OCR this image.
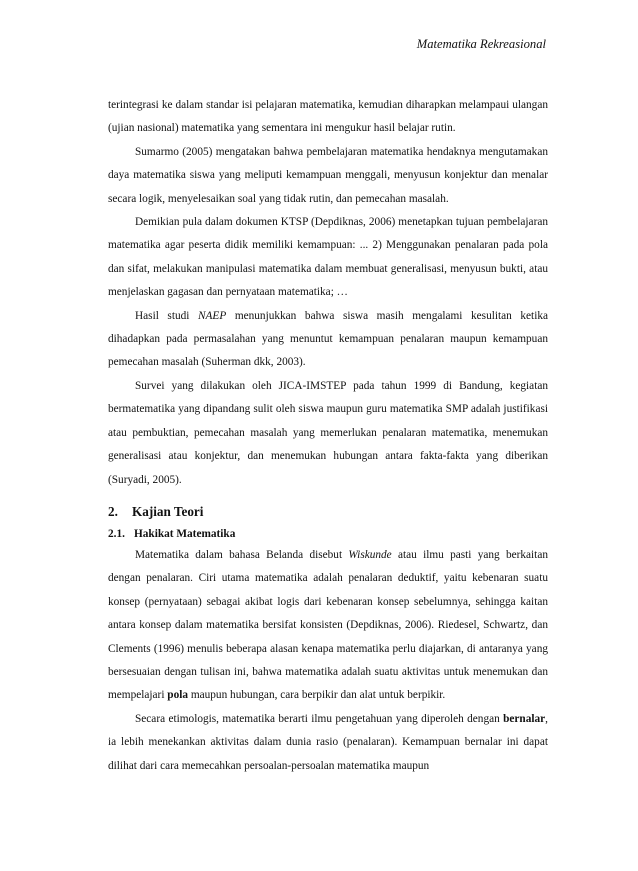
Matematika Rekreasional

terintegrasi ke dalam standar isi pelajaran matematika, kemudian diharapkan melampaui ulangan (ujian nasional) matematika yang sementara ini mengukur hasil belajar rutin.

Sumarmo (2005) mengatakan bahwa pembelajaran matematika hendaknya mengutamakan daya matematika siswa yang meliputi kemampuan menggali, menyusun konjektur dan menalar secara logik, menyelesaikan soal yang tidak rutin, dan pemecahan masalah.

Demikian pula dalam dokumen KTSP (Depdiknas, 2006) menetapkan tujuan pembelajaran matematika agar peserta didik memiliki kemampuan: ... 2) Menggunakan penalaran pada pola dan sifat, melakukan manipulasi matematika dalam membuat generalisasi, menyusun bukti, atau menjelaskan gagasan dan pernyataan matematika; …

Hasil studi NAEP menunjukkan bahwa siswa masih mengalami kesulitan ketika dihadapkan pada permasalahan yang menuntut kemampuan penalaran maupun kemampuan pemecahan masalah (Suherman dkk, 2003).

Survei yang dilakukan oleh JICA-IMSTEP pada tahun 1999 di Bandung, kegiatan bermatematika yang dipandang sulit oleh siswa maupun guru matematika SMP adalah justifikasi atau pembuktian, pemecahan masalah yang memerlukan penalaran matematika, menemukan generalisasi atau konjektur, dan menemukan hubungan antara fakta-fakta yang diberikan (Suryadi, 2005).

2. Kajian Teori
2.1. Hakikat Matematika

Matematika dalam bahasa Belanda disebut Wiskunde atau ilmu pasti yang berkaitan dengan penalaran. Ciri utama matematika adalah penalaran deduktif, yaitu kebenaran suatu konsep (pernyataan) sebagai akibat logis dari kebenaran konsep sebelumnya, sehingga kaitan antara konsep dalam matematika bersifat konsisten (Depdiknas, 2006). Riedesel, Schwartz, dan Clements (1996) menulis beberapa alasan kenapa matematika perlu diajarkan, di antaranya yang bersesuaian dengan tulisan ini, bahwa matematika adalah suatu aktivitas untuk menemukan dan mempelajari pola maupun hubungan, cara berpikir dan alat untuk berpikir.

Secara etimologis, matematika berarti ilmu pengetahuan yang diperoleh dengan bernalar, ia lebih menekankan aktivitas dalam dunia rasio (penalaran). Kemampuan bernalar ini dapat dilihat dari cara memecahkan persoalan-persoalan matematika maupun
